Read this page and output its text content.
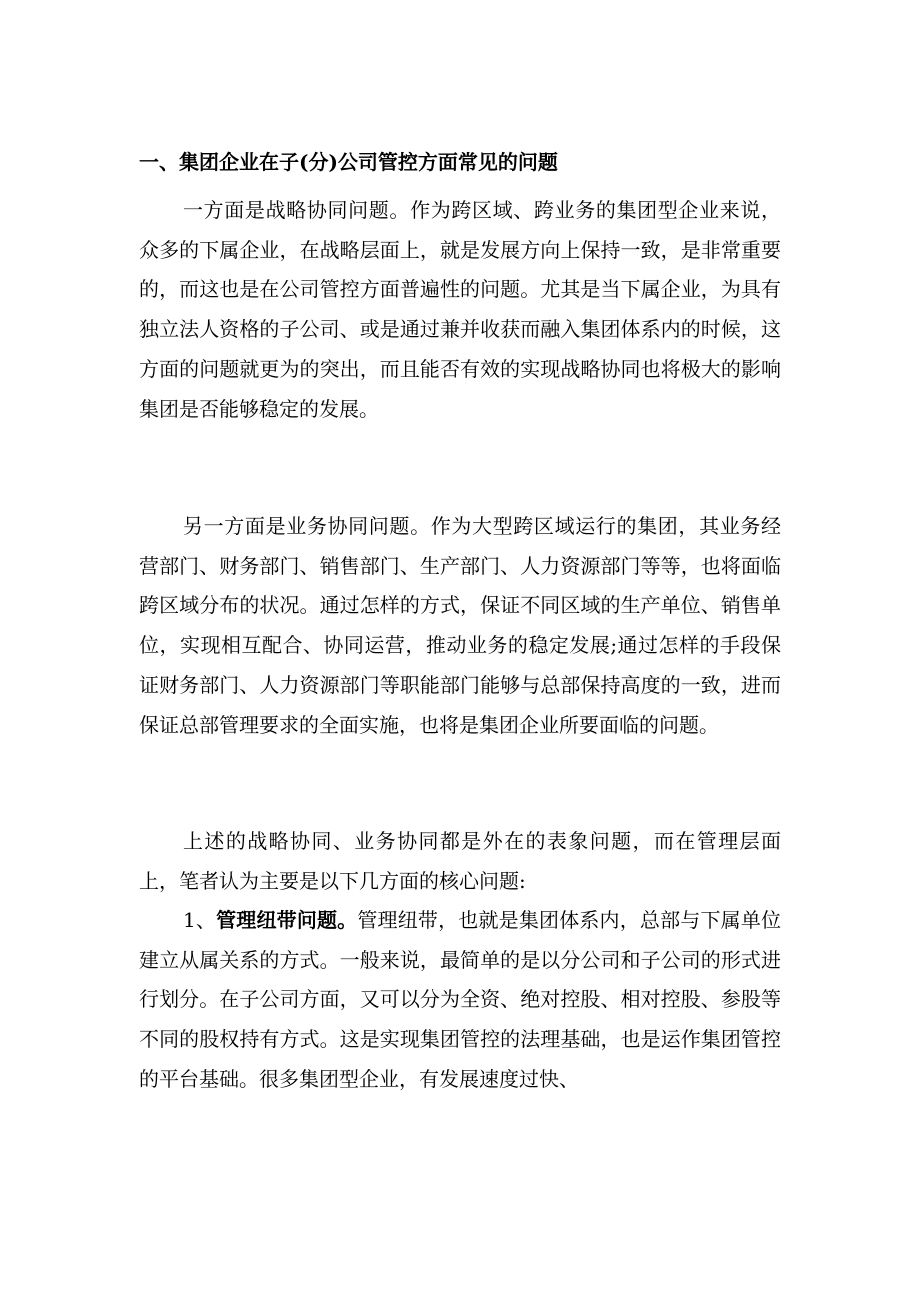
一、集团企业在子(分)公司管控方面常见的问题

一方面是战略协同问题。作为跨区域、跨业务的集团型企业来说，众多的下属企业，在战略层面上，就是发展方向上保持一致，是非常重要的，而这也是在公司管控方面普遍性的问题。尤其是当下属企业，为具有独立法人资格的子公司、或是通过兼并收获而融入集团体系内的时候，这方面的问题就更为的突出，而且能否有效的实现战略协同也将极大的影响集团是否能够稳定的发展。

另一方面是业务协同问题。作为大型跨区域运行的集团，其业务经营部门、财务部门、销售部门、生产部门、人力资源部门等等，也将面临跨区域分布的状况。通过怎样的方式，保证不同区域的生产单位、销售单位，实现相互配合、协同运营，推动业务的稳定发展;通过怎样的手段保证财务部门、人力资源部门等职能部门能够与总部保持高度的一致，进而保证总部管理要求的全面实施，也将是集团企业所要面临的问题。

上述的战略协同、业务协同都是外在的表象问题，而在管理层面上，笔者认为主要是以下几方面的核心问题:

1、管理纽带问题。管理纽带，也就是集团体系内，总部与下属单位建立从属关系的方式。一般来说，最简单的是以分公司和子公司的形式进行划分。在子公司方面，又可以分为全资、绝对控股、相对控股、参股等不同的股权持有方式。这是实现集团管控的法理基础，也是运作集团管控的平台基础。很多集团型企业，有发展速度过快、
